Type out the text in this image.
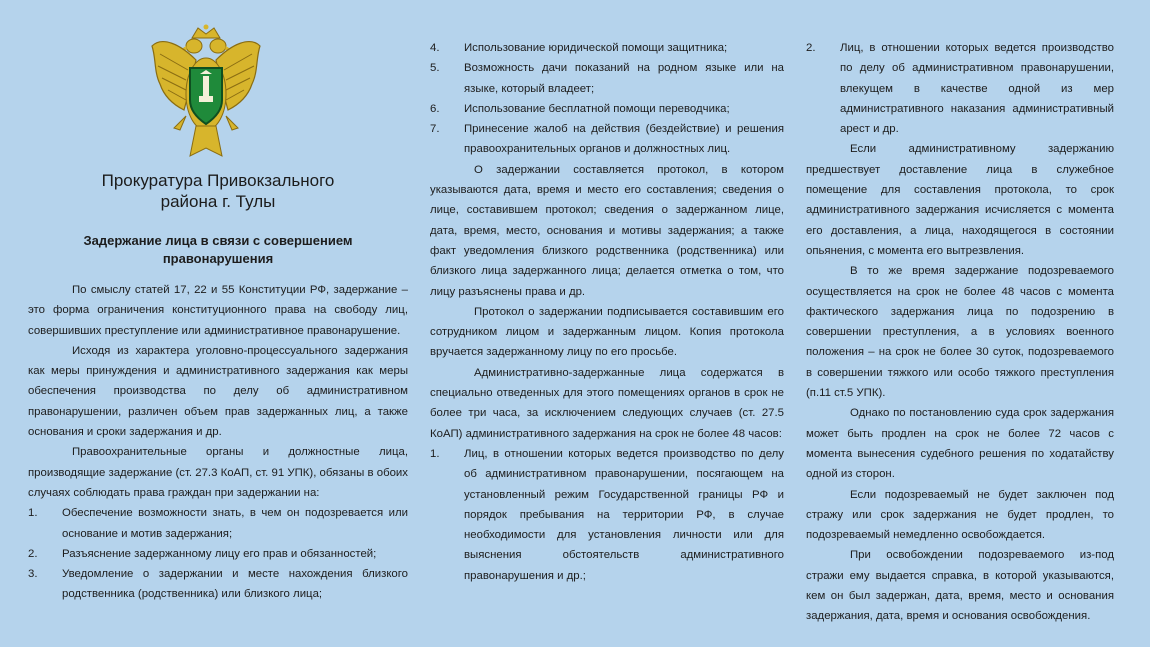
Прокуратура Привокзального
района г. Тулы
Задержание лица в связи с совершением
правонарушения

По смыслу статей 17, 22 и 55 Конституции РФ, задержание – это форма ограничения конституционного права на свободу лиц, совершивших преступление или административное правонарушение.

Исходя из характера уголовно-процессуального задержания как меры принуждения и административного задержания как меры обеспечения производства по делу об административном правонарушении, различен объем прав задержанных лиц, а также основания и сроки задержания и др.

Правоохранительные органы и должностные лица, производящие задержание (ст. 27.3 КоАП, ст. 91 УПК), обязаны в обоих случаях соблюдать права граждан при задержании на:

1. Обеспечение возможности знать, в чем он подозревается или основание и мотив задержания;
2. Разъяснение задержанному лицу его прав и обязанностей;
3. Уведомление о задержании и месте нахождения близкого родственника (родственника) или близкого лица;
4. Использование юридической помощи защитника;
5. Возможность дачи показаний на родном языке или на языке, который владеет;
6. Использование бесплатной помощи переводчика;
7. Принесение жалоб на действия (бездействие) и решения правоохранительных органов и должностных лиц.

О задержании составляется протокол, в котором указываются дата, время и место его составления; сведения о лице, составившем протокол; сведения о задержанном лице, дата, время, место, основания и мотивы задержания; а также факт уведомления близкого родственника (родственника) или близкого лица задержанного лица; делается отметка о том, что лицу разъяснены права и др.

Протокол о задержании подписывается составившим его сотрудником лицом и задержанным лицом. Копия протокола вручается задержанному лицу по его просьбе.

Административно-задержанные лица содержатся в специально отведенных для этого помещениях органов в срок не более три часа, за исключением следующих случаев (ст. 27.5 КоАП) административного задержания на срок не более 48 часов:

1. Лиц, в отношении которых ведется производство по делу об административном правонарушении, посягающем на установленный режим Государственной границы РФ и порядок пребывания на территории РФ, в случае необходимости для установления личности или для выяснения обстоятельств административного правонарушения и др.;
2. Лиц, в отношении которых ведется производство по делу об административном правонарушении, влекущем в качестве одной из мер административного наказания административный арест и др.

Если административному задержанию предшествует доставление лица в служебное помещение для составления протокола, то срок административного задержания исчисляется с момента его доставления, а лица, находящегося в состоянии опьянения, с момента его вытрезвления.

В то же время задержание подозреваемого осуществляется на срок не более 48 часов с момента фактического задержания лица по подозрению в совершении преступления, а в условиях военного положения – на срок не более 30 суток, подозреваемого в совершении тяжкого или особо тяжкого преступления (п.11 ст.5 УПК).

Однако по постановлению суда срок задержания может быть продлен на срок не более 72 часов с момента вынесения судебного решения по ходатайству одной из сторон.

Если подозреваемый не будет заключен под стражу или срок задержания не будет продлен, то подозреваемый немедленно освобождается.

При освобождении подозреваемого из-под стражи ему выдается справка, в которой указываются, кем он был задержан, дата, время, место и основания задержания, дата, время и основания освобождения.
